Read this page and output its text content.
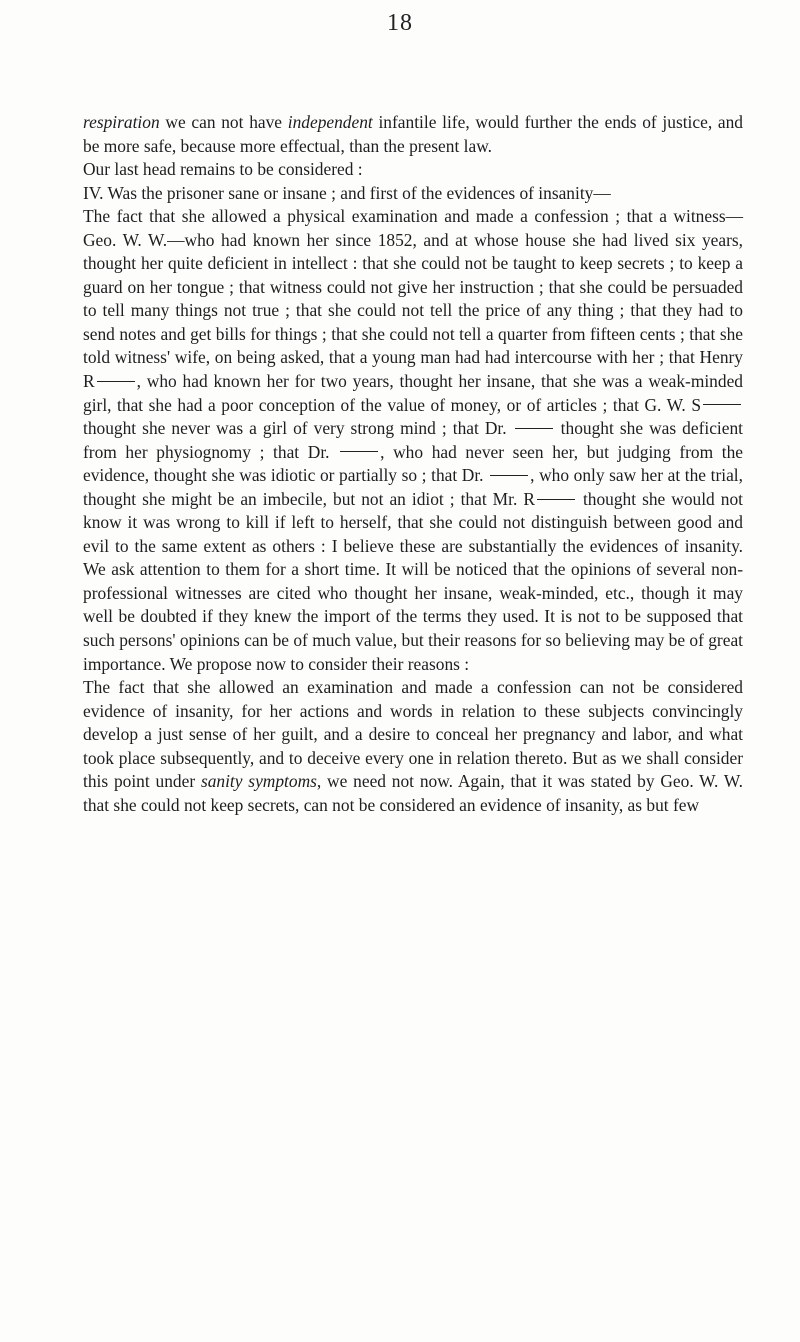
18

respiration we can not have independent infantile life, would further the ends of justice, and be more safe, because more effectual, than the present law.

Our last head remains to be considered :

IV. Was the prisoner sane or insane ; and first of the evidences of insanity—

The fact that she allowed a physical examination and made a confession ; that a witness—Geo. W. W.—who had known her since 1852, and at whose house she had lived six years, thought her quite deficient in intellect : that she could not be taught to keep secrets ; to keep a guard on her tongue ; that witness could not give her instruction ; that she could be persuaded to tell many things not true ; that she could not tell the price of any thing ; that they had to send notes and get bills for things ; that she could not tell a quarter from fifteen cents ; that she told witness' wife, on being asked, that a young man had had intercourse with her ; that Henry R , who had known her for two years, thought her insane, that she was a weak-minded girl, that she had a poor conception of the value of money, or of articles ; that G. W. S thought she never was a girl of very strong mind ; that Dr.  thought she was deficient from her physiognomy ; that Dr. , who had never seen her, but judging from the evidence, thought she was idiotic or partially so ; that Dr. , who only saw her at the trial, thought she might be an imbecile, but not an idiot ; that Mr. R thought she would not know it was wrong to kill if left to herself, that she could not distinguish between good and evil to the same extent as others : I believe these are substantially the evidences of insanity. We ask attention to them for a short time. It will be noticed that the opinions of several non-professional witnesses are cited who thought her insane, weak-minded, etc., though it may well be doubted if they knew the import of the terms they used. It is not to be supposed that such persons' opinions can be of much value, but their reasons for so believing may be of great importance. We propose now to consider their reasons :

The fact that she allowed an examination and made a confession can not be considered evidence of insanity, for her actions and words in relation to these subjects convincingly develop a just sense of her guilt, and a desire to conceal her pregnancy and labor, and what took place subsequently, and to deceive every one in relation thereto. But as we shall consider this point under sanity symptoms, we need not now. Again, that it was stated by Geo. W. W. that she could not keep secrets, can not be considered an evidence of insanity, as but few
